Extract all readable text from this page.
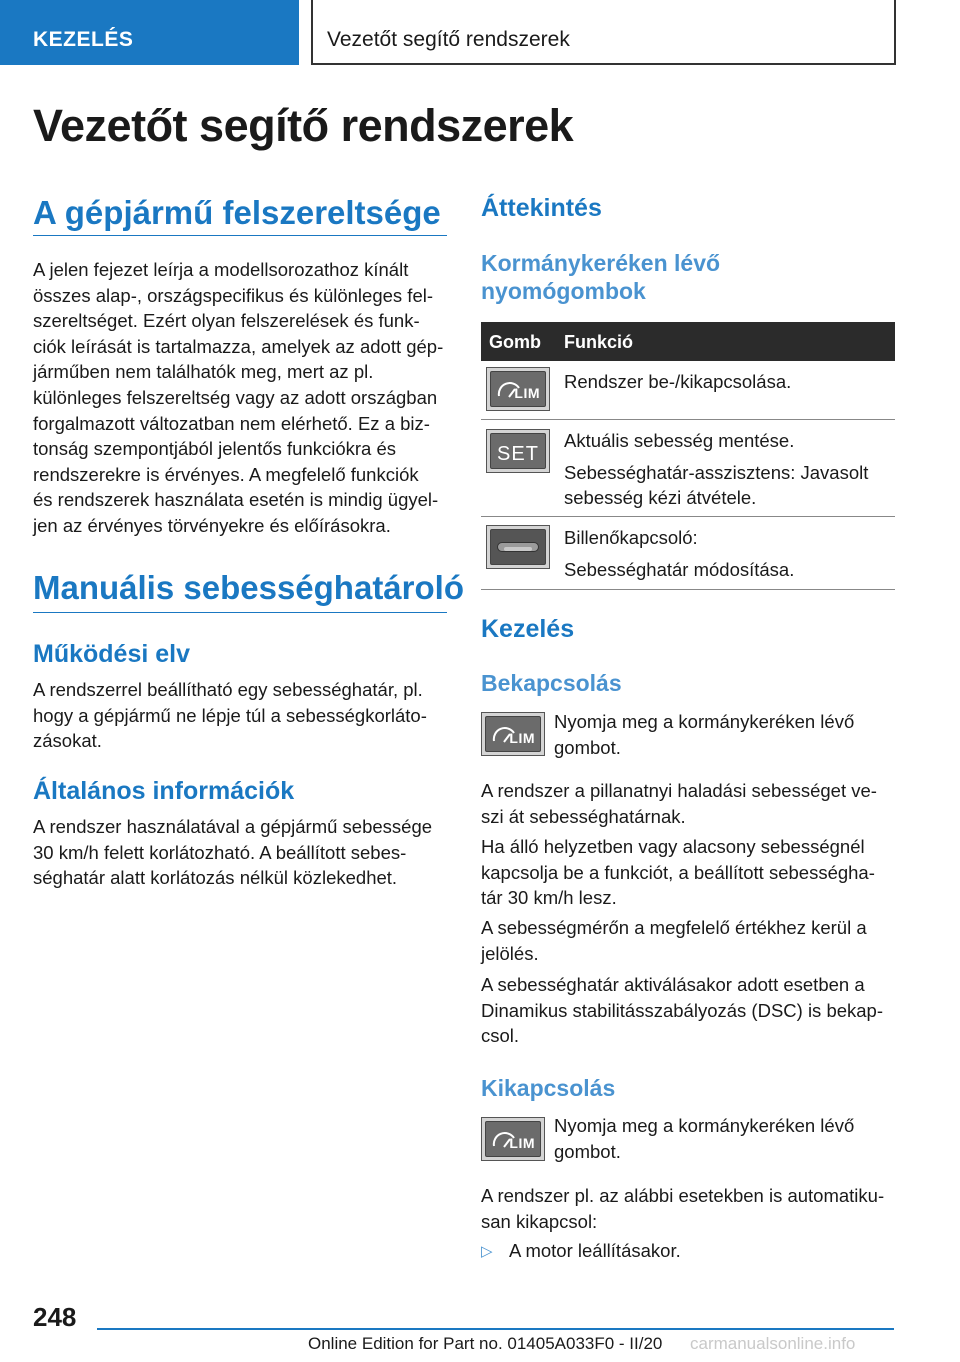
KEZELÉS	Vezetőt segítő rendszerek
Vezetőt segítő rendszerek
A gépjármű felszereltsége
A jelen fejezet leírja a modellsorozathoz kínált
összes alap-, országspecifikus és különleges fel-
szereltséget. Ezért olyan felszerelések és funk-
ciók leírását is tartalmazza, amelyek az adott gép-
járműben nem találhatók meg, mert az pl.
különleges felszereltség vagy az adott országban
forgalmazott változatban nem elérhető. Ez a biz-
tonság szempontjából jelentős funkciókra és
rendszerekre is érvényes. A megfelelő funkciók
és rendszerek használata esetén is mindig ügyel-
jen az érvényes törvényekre és előírásokra.
Manuális sebességhatároló
Működési elv
A rendszerrel beállítható egy sebességhatár, pl.
hogy a gépjármű ne lépje túl a sebességkorláto-
zásokat.
Általános információk
A rendszer használatával a gépjármű sebessége
30 km/h felett korlátozható. A beállított sebes-
séghatár alatt korlátozás nélkül közlekedhet.
Áttekintés
Kormánykeréken lévő
nyomógombok
Gomb Funkció
LIM
Rendszer be-/kikapcsolása.
SET
Aktuális sebesség mentése.
Sebességhatár-asszisztens: Javasolt
sebesség kézi átvétele.
Billenőkapcsoló:
Sebességhatár módosítása.
Kezelés
Bekapcsolás
LIM
Nyomja meg a kormánykeréken lévő
gombot.
A rendszer a pillanatnyi haladási sebességet ve-
szi át sebességhatárnak.
Ha álló helyzetben vagy alacsony sebességnél
kapcsolja be a funkciót, a beállított sebességha-
tár 30 km/h lesz.
A sebességmérőn a megfelelő értékhez kerül a
jelölés.
A sebességhatár aktiválásakor adott esetben a
Dinamikus stabilitásszabályozás (DSC) is bekap-
csol.
Kikapcsolás
LIM
Nyomja meg a kormánykeréken lévő
gombot.
A rendszer pl. az alábbi esetekben is automatiku-
san kikapcsol:
▷ A motor leállításakor.
248
Online Edition for Part no. 01405A033F0 - II/20 carmanualsonline.info
